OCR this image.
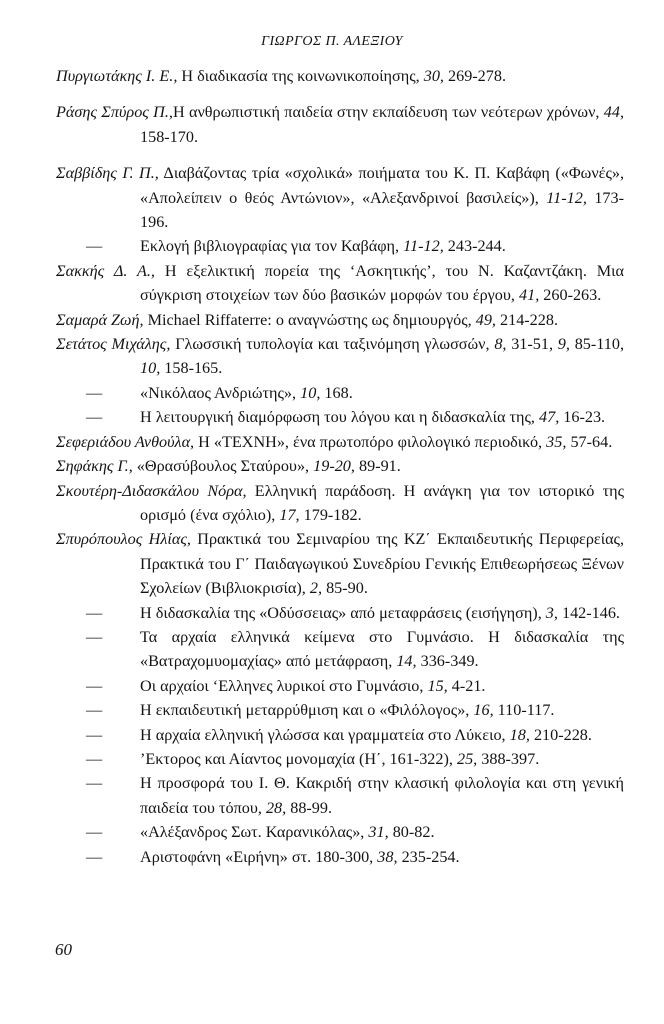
ΓΙΩΡΓΟΣ Π. ΑΛΕΞΙΟΥ
Πυργιωτάκης Ι. Ε., Η διαδικασία της κοινωνικοποίησης, 30, 269-278.
Ράσης Σπύρος Π.,Η ανθρωπιστική παιδεία στην εκπαίδευση των νεότερων χρόνων, 44, 158-170.
Σαββίδης Γ. Π., Διαβάζοντας τρία «σχολικά» ποιήματα του Κ. Π. Καβάφη («Φωνές», «Απολείπειν ο θεός Αντώνιον», «Αλεξανδρινοί βασιλείς»), 11-12, 173-196.
— Εκλογή βιβλιογραφίας για τον Καβάφη, 11-12, 243-244.
Σακκής Δ. Α., Η εξελικτική πορεία της ‘Ασκητικής’, του Ν. Καζαντζάκη. Μια σύγκριση στοιχείων των δύο βασικών μορφών του έργου, 41, 260-263.
Σαμαρά Ζωή, Michael Riffaterre: ο αναγνώστης ως δημιουργός, 49, 214-228.
Σετάτος Μιχάλης, Γλωσσική τυπολογία και ταξινόμηση γλωσσών, 8, 31-51, 9, 85-110, 10, 158-165.
— «Νικόλαος Ανδριώτης», 10, 168.
— Η λειτουργική διαμόρφωση του λόγου και η διδασκαλία της, 47, 16-23.
Σεφεριάδου Ανθούλα, Η «ΤΕΧΝΗ», ένα πρωτοπόρο φιλολογικό περιοδικό, 35, 57-64.
Σηφάκης Γ., «Θρασύβουλος Σταύρου», 19-20, 89-91.
Σκουτέρη-Διδασκάλου Νόρα, Ελληνική παράδοση. Η ανάγκη για τον ιστορικό της ορισμό (ένα σχόλιο), 17, 179-182.
Σπυρόπουλος Ηλίας, Πρακτικά του Σεμιναρίου της ΚΖ΄ Εκπαιδευτικής Περιφερείας, Πρακτικά του Γ΄ Παιδαγωγικού Συνεδρίου Γενικής Επιθεωρήσεως Ξένων Σχολείων (Βιβλιοκρισία), 2, 85-90.
— Η διδασκαλία της «Οδύσσειας» από μεταφράσεις (εισήγηση), 3, 142-146.
— Τα αρχαία ελληνικά κείμενα στο Γυμνάσιο. Η διδασκαλία της «Βατραχομυομαχίας» από μετάφραση, 14, 336-349.
— Οι αρχαίοι ‘Ελληνες λυρικοί στο Γυμνάσιο, 15, 4-21.
— Η εκπαιδευτική μεταρρύθμιση και ο «Φιλόλογος», 16, 110-117.
— Η αρχαία ελληνική γλώσσα και γραμματεία στο Λύκειο, 18, 210-228.
— ’Εκτορος και Αίαντος μονομαχία (Η΄, 161-322), 25, 388-397.
— Η προσφορά του Ι. Θ. Κακριδή στην κλασική φιλολογία και στη γενική παιδεία του τόπου, 28, 88-99.
— «Αλέξανδρος Σωτ. Καρανικόλας», 31, 80-82.
— Αριστοφάνη «Ειρήνη» στ. 180-300, 38, 235-254.
60
